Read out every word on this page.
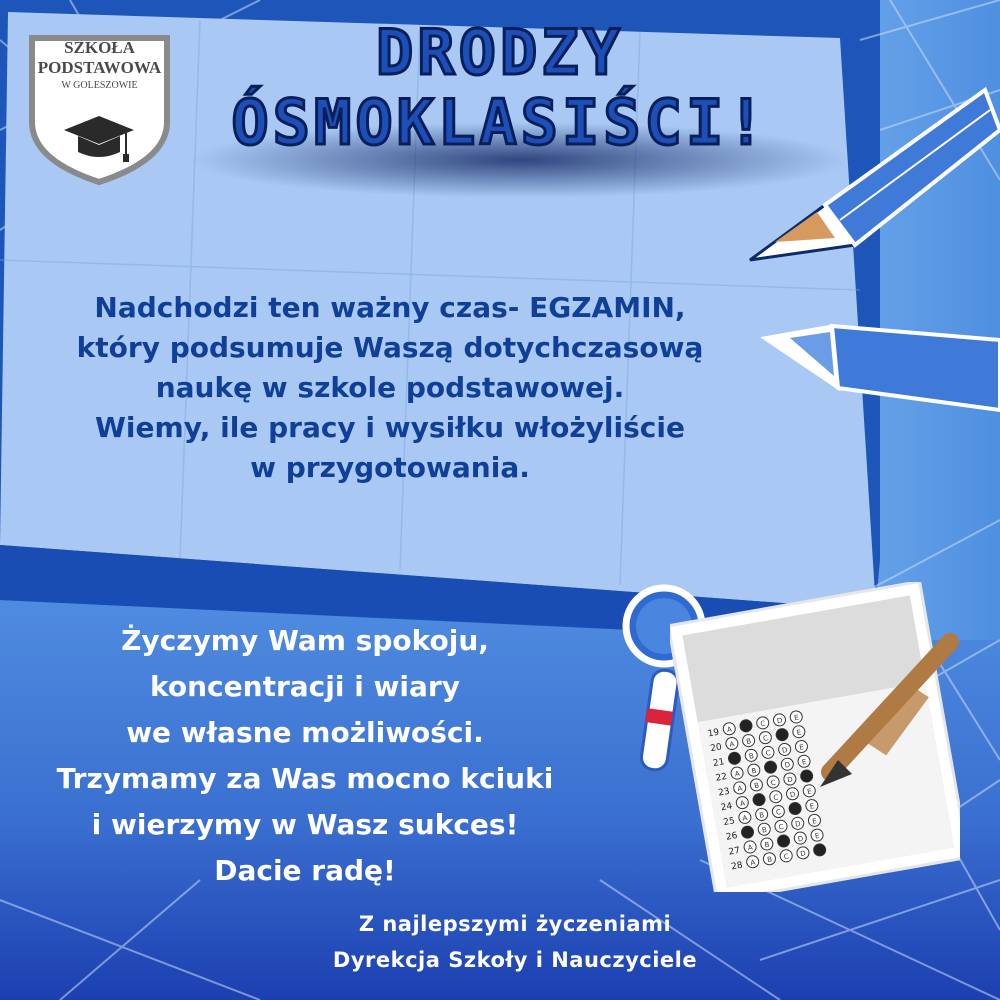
19 A
C D E
20 A B C
E
21
B C D E
22 A B
D E
23 A B C D
24 A
C D E
25 A B C
E
26
B C D E
27 A B
D E
28 A B C D
SZKOŁA
PODSTAWOWA
W GOLESZOWIE	DRODZY
ÓSMOKLASIŚCI!
Nadchodzi ten ważny czas- EGZAMIN,
który podsumuje Waszą dotychczasową
naukę w szkole podstawowej.
Wiemy, ile pracy i wysiłku włożyliście
w przygotowania.
Życzymy Wam spokoju,
koncentracji i wiary
we własne możliwości.
Trzymamy za Was mocno kciuki
i wierzymy w Wasz sukces!
Dacie radę!
Z najlepszymi życzeniami
Dyrekcja Szkoły i Nauczyciele
